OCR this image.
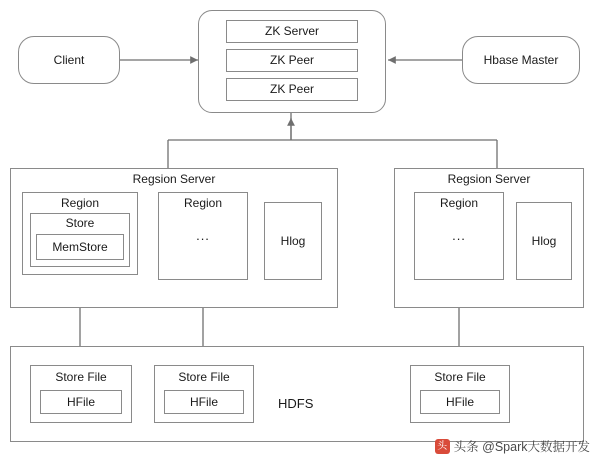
Client	Hbase Master
ZK Server
ZK Peer
ZK Peer
Regsion Server
Region
Store
MemStore
Region
...	Hlog
Regsion Server
Region
...	Hlog
HDFS
Store File
HFile
Store File
HFile
Store File
HFile
头 头条 @Spark大数据开发
